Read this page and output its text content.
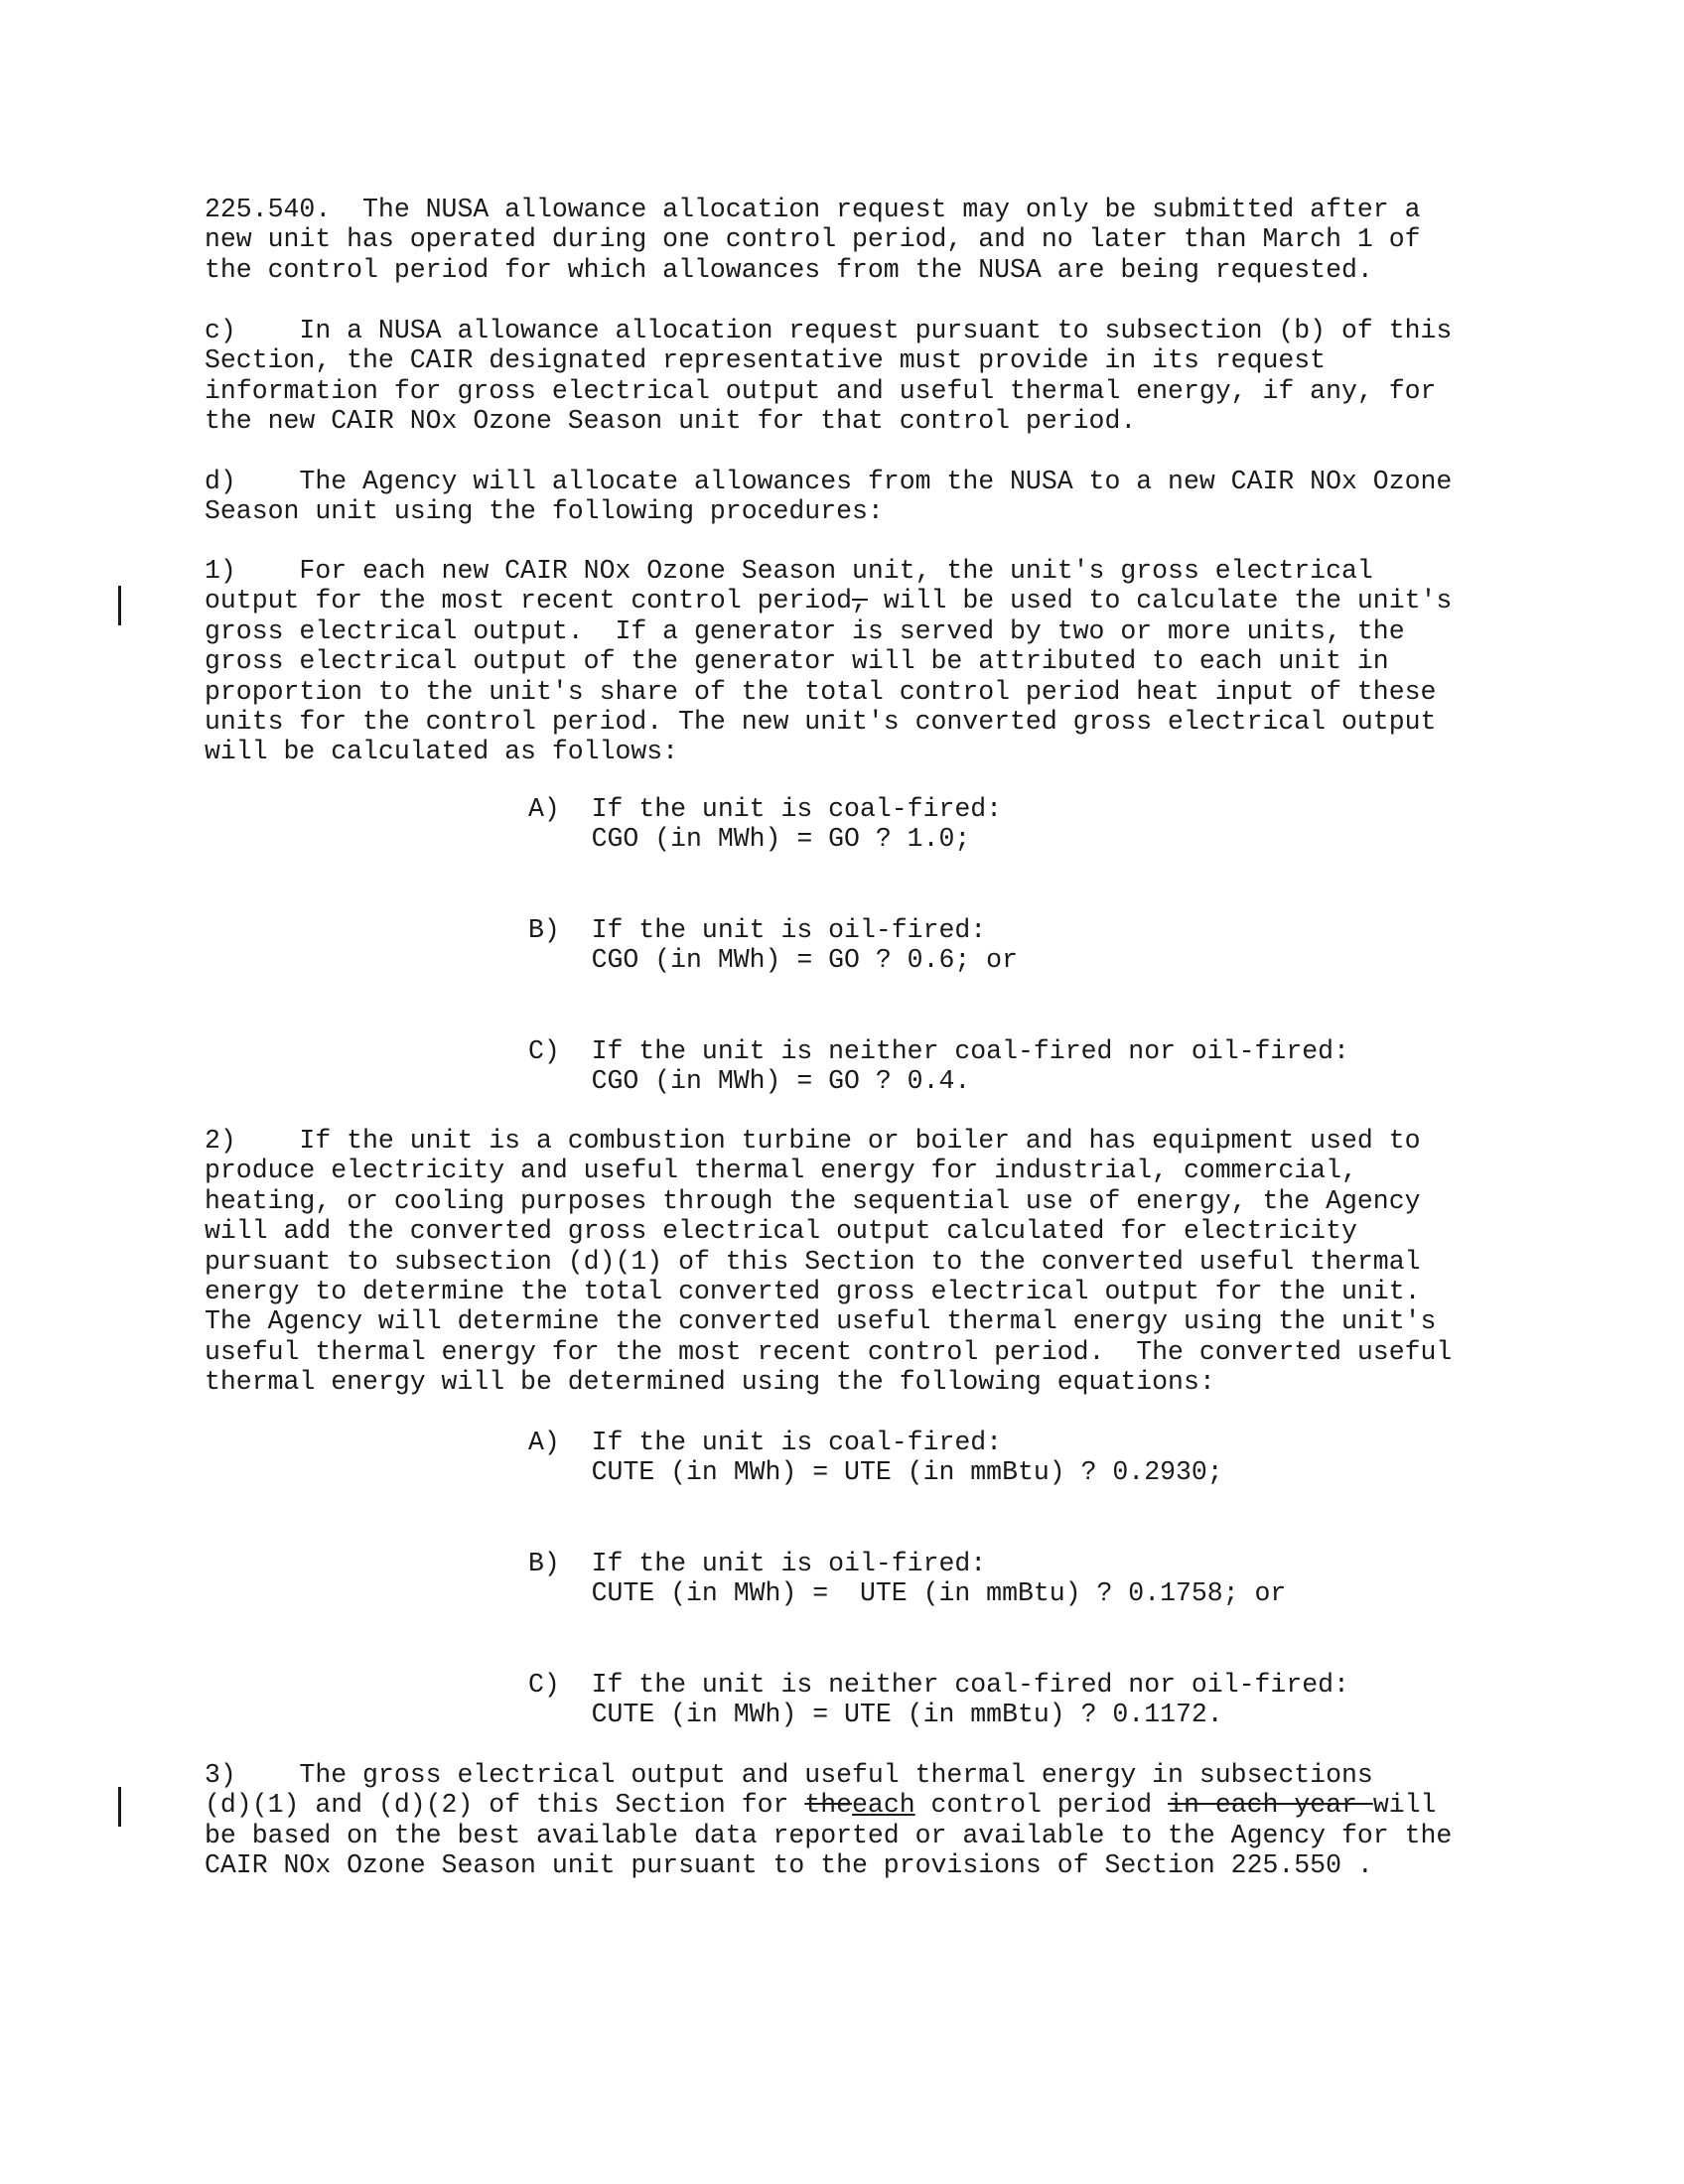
225.540.  The NUSA allowance allocation request may only be submitted after a
new unit has operated during one control period, and no later than March 1 of
the control period for which allowances from the NUSA are being requested.
c)    In a NUSA allowance allocation request pursuant to subsection (b) of this
Section, the CAIR designated representative must provide in its request
information for gross electrical output and useful thermal energy, if any, for
the new CAIR NOx Ozone Season unit for that control period.
d)    The Agency will allocate allowances from the NUSA to a new CAIR NOx Ozone
Season unit using the following procedures:
1)    For each new CAIR NOx Ozone Season unit, the unit's gross electrical
output for the most recent control period, will be used to calculate the unit's
gross electrical output.  If a generator is served by two or more units, the
gross electrical output of the generator will be attributed to each unit in
proportion to the unit's share of the total control period heat input of these
units for the control period. The new unit's converted gross electrical output
will be calculated as follows:
A)  If the unit is coal-fired:
CGO (in MWh) = GO ? 1.0;
B)  If the unit is oil-fired:
CGO (in MWh) = GO ? 0.6; or
C)  If the unit is neither coal-fired nor oil-fired:
CGO (in MWh) = GO ? 0.4.
2)    If the unit is a combustion turbine or boiler and has equipment used to
produce electricity and useful thermal energy for industrial, commercial,
heating, or cooling purposes through the sequential use of energy, the Agency
will add the converted gross electrical output calculated for electricity
pursuant to subsection (d)(1) of this Section to the converted useful thermal
energy to determine the total converted gross electrical output for the unit.
The Agency will determine the converted useful thermal energy using the unit's
useful thermal energy for the most recent control period.  The converted useful
thermal energy will be determined using the following equations:
A)  If the unit is coal-fired:
CUTE (in MWh) = UTE (in mmBtu) ? 0.2930;
B)  If the unit is oil-fired:
CUTE (in MWh) =  UTE (in mmBtu) ? 0.1758; or
C)  If the unit is neither coal-fired nor oil-fired:
CUTE (in MWh) = UTE (in mmBtu) ? 0.1172.
3)    The gross electrical output and useful thermal energy in subsections
(d)(1) and (d)(2) of this Section for theeach control period in each year will
be based on the best available data reported or available to the Agency for the
CAIR NOx Ozone Season unit pursuant to the provisions of Section 225.550 .
